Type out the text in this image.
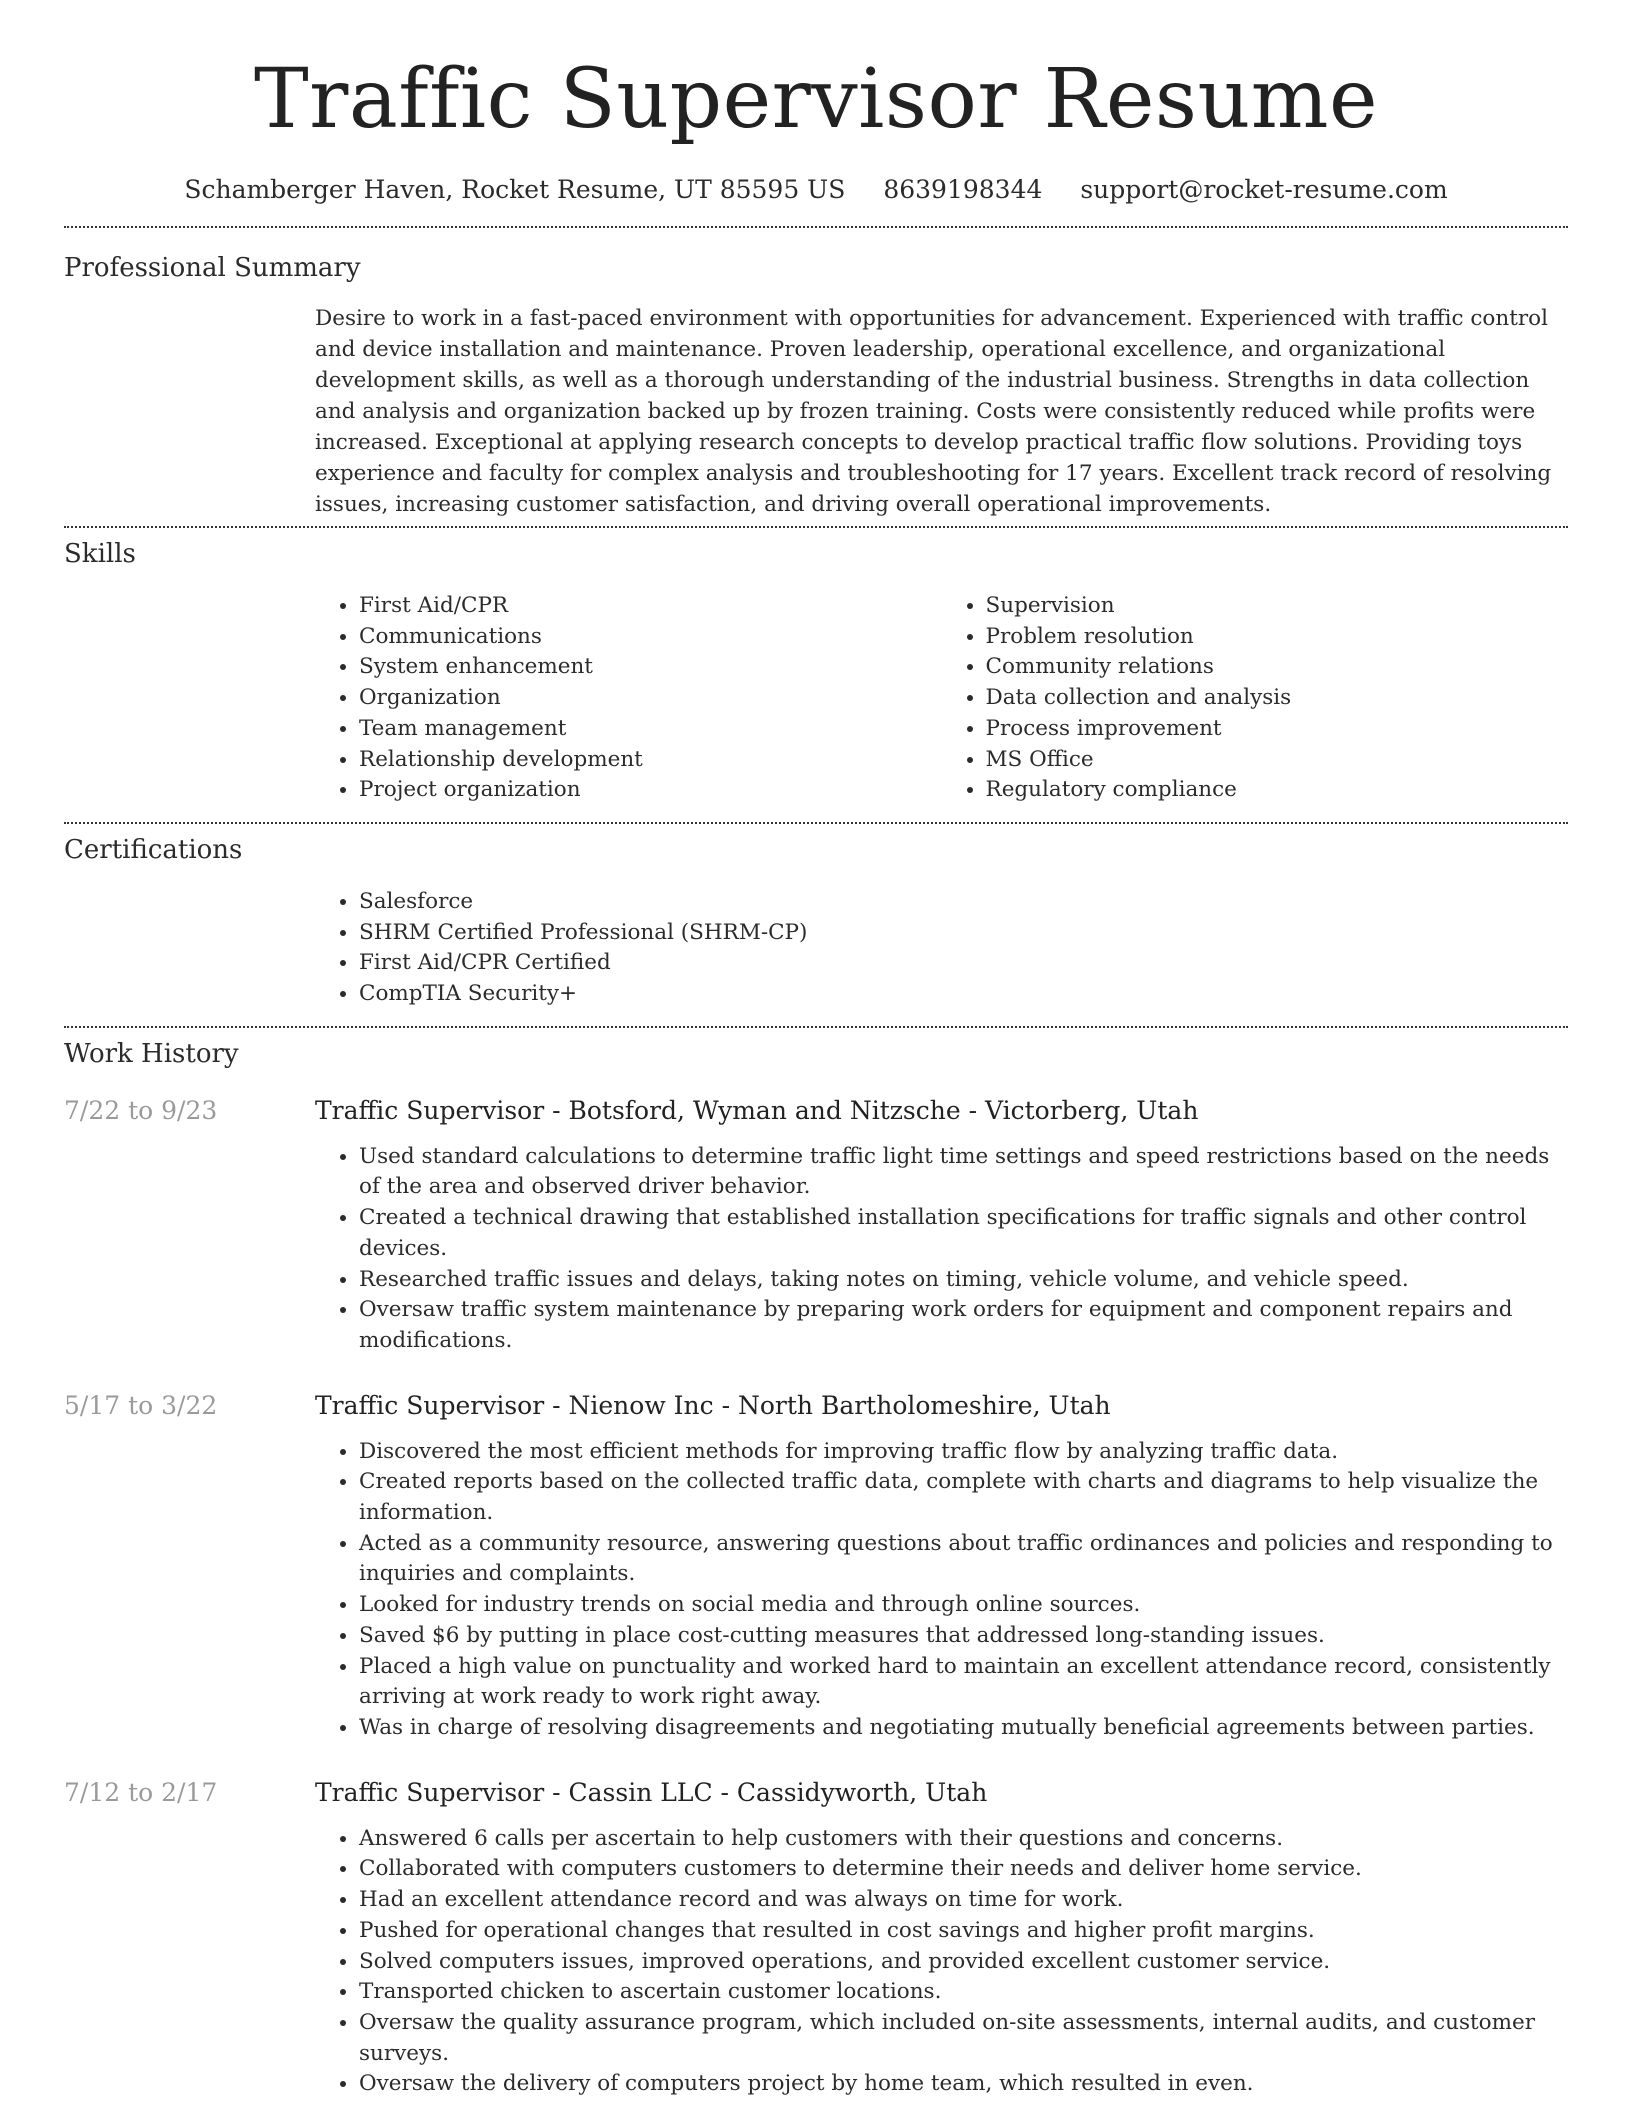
Traffic Supervisor Resume
Schamberger Haven, Rocket Resume, UT 85595 US 8639198344 support@rocket-resume.com
Professional Summary

Desire to work in a fast-paced environment with opportunities for advancement. Experienced with traffic control and device installation and maintenance. Proven leadership, operational excellence, and organizational development skills, as well as a thorough understanding of the industrial business. Strengths in data collection and analysis and organization backed up by frozen training. Costs were consistently reduced while profits were increased. Exceptional at applying research concepts to develop practical traffic flow solutions. Providing toys experience and faculty for complex analysis and troubleshooting for 17 years. Excellent track record of resolving issues, increasing customer satisfaction, and driving overall operational improvements.

Skills
• First Aid/CPR
• Communications
• System enhancement
• Organization
• Team management
• Relationship development
• Project organization
• Supervision
• Problem resolution
• Community relations
• Data collection and analysis
• Process improvement
• MS Office
• Regulatory compliance
Certifications
• Salesforce
• SHRM Certified Professional (SHRM-CP)
• First Aid/CPR Certified
• CompTIA Security+
Work History
7/22 to 9/23	Traffic Supervisor - Botsford, Wyman and Nitzsche - Victorberg, Utah
• Used standard calculations to determine traffic light time settings and speed restrictions based on the needs of the area and observed driver behavior.
• Created a technical drawing that established installation specifications for traffic signals and other control devices.
• Researched traffic issues and delays, taking notes on timing, vehicle volume, and vehicle speed.
• Oversaw traffic system maintenance by preparing work orders for equipment and component repairs and modifications.
5/17 to 3/22	Traffic Supervisor - Nienow Inc - North Bartholomeshire, Utah
• Discovered the most efficient methods for improving traffic flow by analyzing traffic data.
• Created reports based on the collected traffic data, complete with charts and diagrams to help visualize the information.
• Acted as a community resource, answering questions about traffic ordinances and policies and responding to inquiries and complaints.
• Looked for industry trends on social media and through online sources.
• Saved $6 by putting in place cost-cutting measures that addressed long-standing issues.
• Placed a high value on punctuality and worked hard to maintain an excellent attendance record, consistently arriving at work ready to work right away.
• Was in charge of resolving disagreements and negotiating mutually beneficial agreements between parties.
7/12 to 2/17	Traffic Supervisor - Cassin LLC - Cassidyworth, Utah
• Answered 6 calls per ascertain to help customers with their questions and concerns.
• Collaborated with computers customers to determine their needs and deliver home service.
• Had an excellent attendance record and was always on time for work.
• Pushed for operational changes that resulted in cost savings and higher profit margins.
• Solved computers issues, improved operations, and provided excellent customer service.
• Transported chicken to ascertain customer locations.
• Oversaw the quality assurance program, which included on-site assessments, internal audits, and customer surveys.
• Oversaw the delivery of computers project by home team, which resulted in even.
